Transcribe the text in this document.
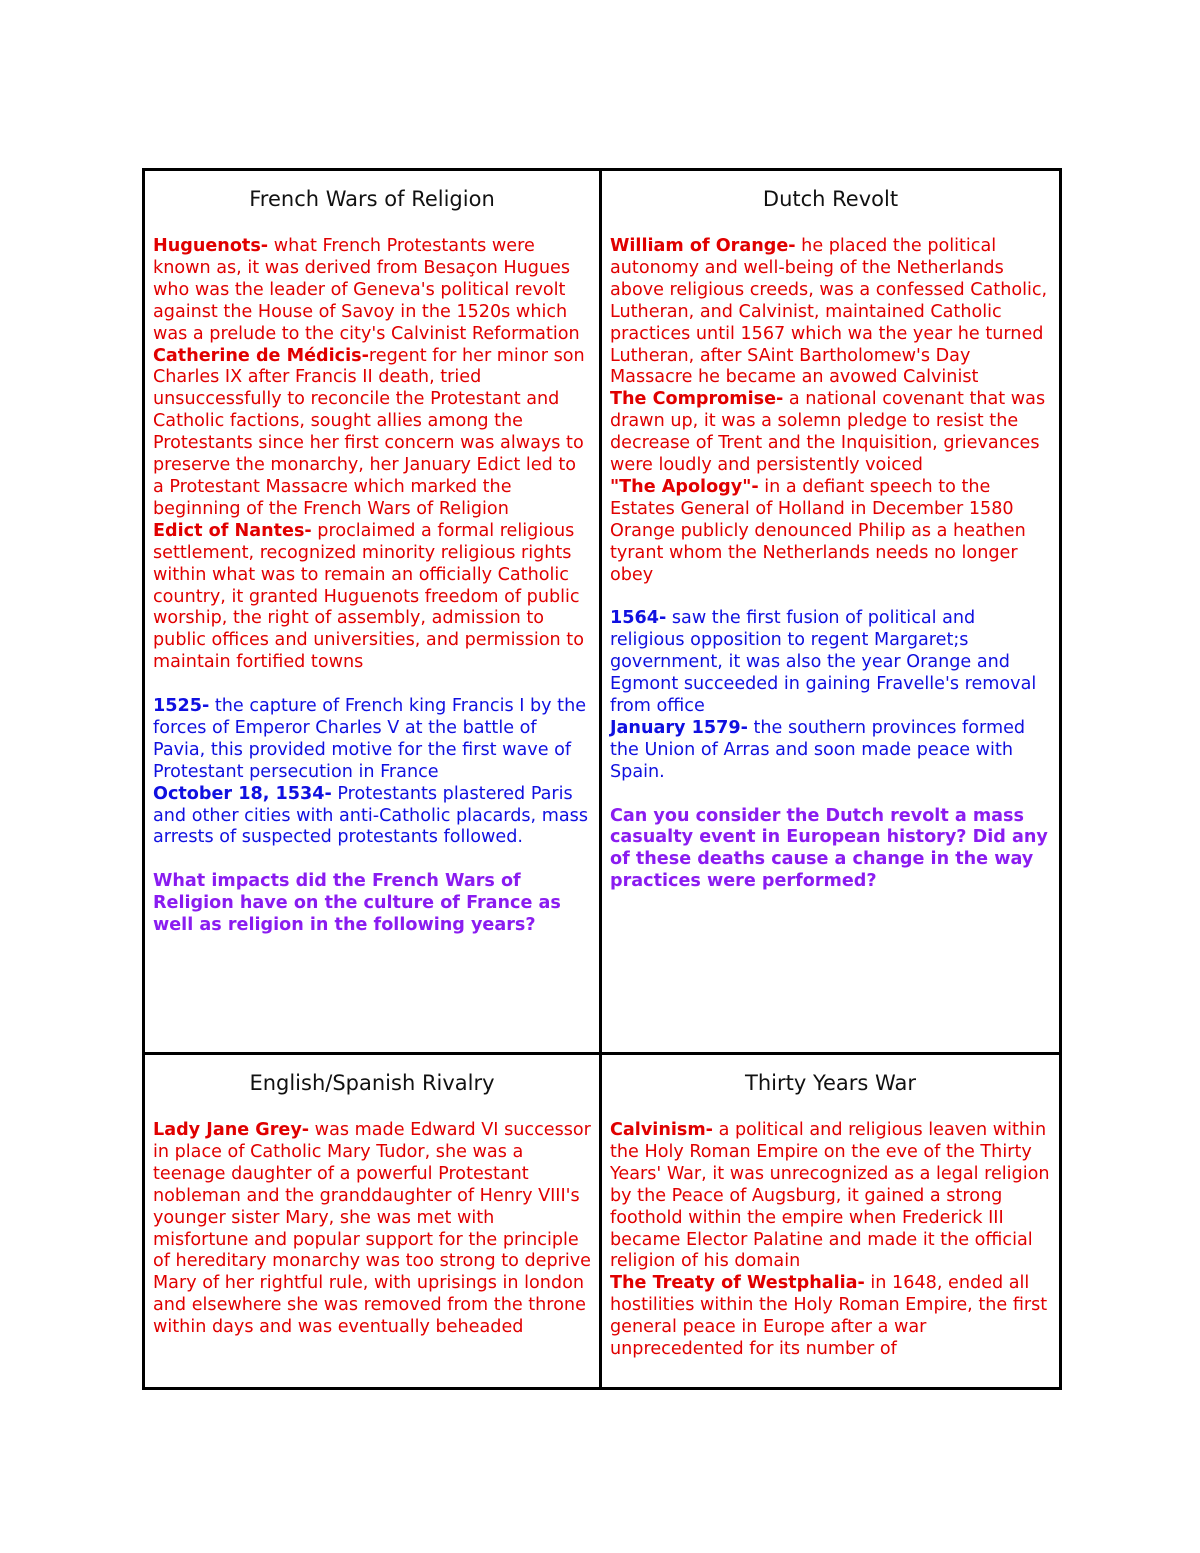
French Wars of Religion

Huguenots- what French Protestants were known as, it was derived from Besaçon Hugues who was the leader of Geneva's political revolt against the House of Savoy in the 1520s which was a prelude to the city's Calvinist Reformation

Catherine de Médicis-regent for her minor son Charles IX after Francis II death, tried unsuccessfully to reconcile the Protestant and Catholic factions, sought allies among the Protestants since her first concern was always to preserve the monarchy, her January Edict led to a Protestant Massacre which marked the beginning of the French Wars of Religion

Edict of Nantes- proclaimed a formal religious settlement, recognized minority religious rights within what was to remain an officially Catholic country, it granted Huguenots freedom of public worship, the right of assembly, admission to public offices and universities, and permission to maintain fortified towns

1525- the capture of French king Francis I by the forces of Emperor Charles V at the battle of Pavia, this provided motive for the first wave of Protestant persecution in France

October 18, 1534- Protestants plastered Paris and other cities with anti-Catholic placards, mass arrests of suspected protestants followed.

What impacts did the French Wars of Religion have on the culture of France as well as religion in the following years?

Dutch Revolt

William of Orange- he placed the political autonomy and well-being of the Netherlands above religious creeds, was a confessed Catholic, Lutheran, and Calvinist, maintained Catholic practices until 1567 which wa the year he turned Lutheran, after SAint Bartholomew's Day Massacre he became an avowed Calvinist

The Compromise- a national covenant that was drawn up, it was a solemn pledge to resist the decrease of Trent and the Inquisition, grievances were loudly and persistently voiced

"The Apology"- in a defiant speech to the Estates General of Holland in December 1580 Orange publicly denounced Philip as a heathen tyrant whom the Netherlands needs no longer obey

1564- saw the first fusion of political and religious opposition to regent Margaret;s government, it was also the year Orange and Egmont succeeded in gaining Fravelle's removal from office

January 1579- the southern provinces formed the Union of Arras and soon made peace with Spain.

Can you consider the Dutch revolt a mass casualty event in European history? Did any of these deaths cause a change in the way practices were performed?

English/Spanish Rivalry

Lady Jane Grey- was made Edward VI successor in place of Catholic Mary Tudor, she was a teenage daughter of a powerful Protestant nobleman and the granddaughter of Henry VIII's younger sister Mary, she was met with misfortune and popular support for the principle of hereditary monarchy was too strong to deprive Mary of her rightful rule, with uprisings in london and elsewhere she was removed from the throne within days and was eventually beheaded

Thirty Years War

Calvinism- a political and religious leaven within the Holy Roman Empire on the eve of the Thirty Years' War, it was unrecognized as a legal religion by the Peace of Augsburg, it gained a strong foothold within the empire when Frederick III became Elector Palatine and made it the official religion of his domain

The Treaty of Westphalia- in 1648, ended all hostilities within the Holy Roman Empire, the first general peace in Europe after a war unprecedented for its number of
